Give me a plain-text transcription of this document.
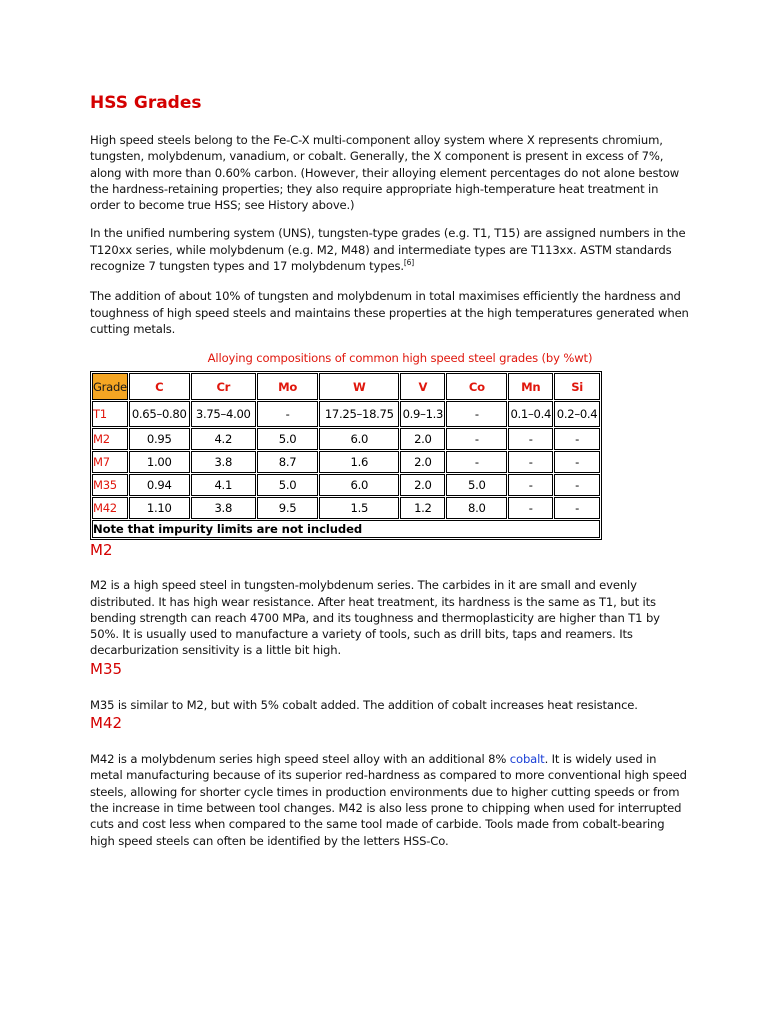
HSS Grades

High speed steels belong to the Fe-C-X multi-component alloy system where X represents chromium, tungsten, molybdenum, vanadium, or cobalt. Generally, the X component is present in excess of 7%, along with more than 0.60% carbon. (However, their alloying element percentages do not alone bestow the hardness-retaining properties; they also require appropriate high-temperature heat treatment in order to become true HSS; see History above.)

In the unified numbering system (UNS), tungsten-type grades (e.g. T1, T15) are assigned numbers in the T120xx series, while molybdenum (e.g. M2, M48) and intermediate types are T113xx. ASTM standards recognize 7 tungsten types and 17 molybdenum types.[6]

The addition of about 10% of tungsten and molybdenum in total maximises efficiently the hardness and toughness of high speed steels and maintains these properties at the high temperatures generated when cutting metals.

Alloying compositions of common high speed steel grades (by %wt)
Grade	C	Cr	Mo	W	V	Co	Mn	Si
T1	0.65–0.80	3.75–4.00	-	17.25–18.75	0.9–1.3	-	0.1–0.4	0.2–0.4
M2	0.95	4.2	5.0	6.0	2.0	-	-	-
M7	1.00	3.8	8.7	1.6	2.0	-	-	-
M35	0.94	4.1	5.0	6.0	2.0	5.0	-	-
M42	1.10	3.8	9.5	1.5	1.2	8.0	-	-
Note that impurity limits are not included								
M2

M2 is a high speed steel in tungsten-molybdenum series. The carbides in it are small and evenly distributed. It has high wear resistance. After heat treatment, its hardness is the same as T1, but its bending strength can reach 4700 MPa, and its toughness and thermoplasticity are higher than T1 by 50%. It is usually used to manufacture a variety of tools, such as drill bits, taps and reamers. Its decarburization sensitivity is a little bit high.

M35

M35 is similar to M2, but with 5% cobalt added. The addition of cobalt increases heat resistance.

M42

M42 is a molybdenum series high speed steel alloy with an additional 8% cobalt. It is widely used in metal manufacturing because of its superior red-hardness as compared to more conventional high speed steels, allowing for shorter cycle times in production environments due to higher cutting speeds or from the increase in time between tool changes. M42 is also less prone to chipping when used for interrupted cuts and cost less when compared to the same tool made of carbide. Tools made from cobalt-bearing high speed steels can often be identified by the letters HSS-Co.
